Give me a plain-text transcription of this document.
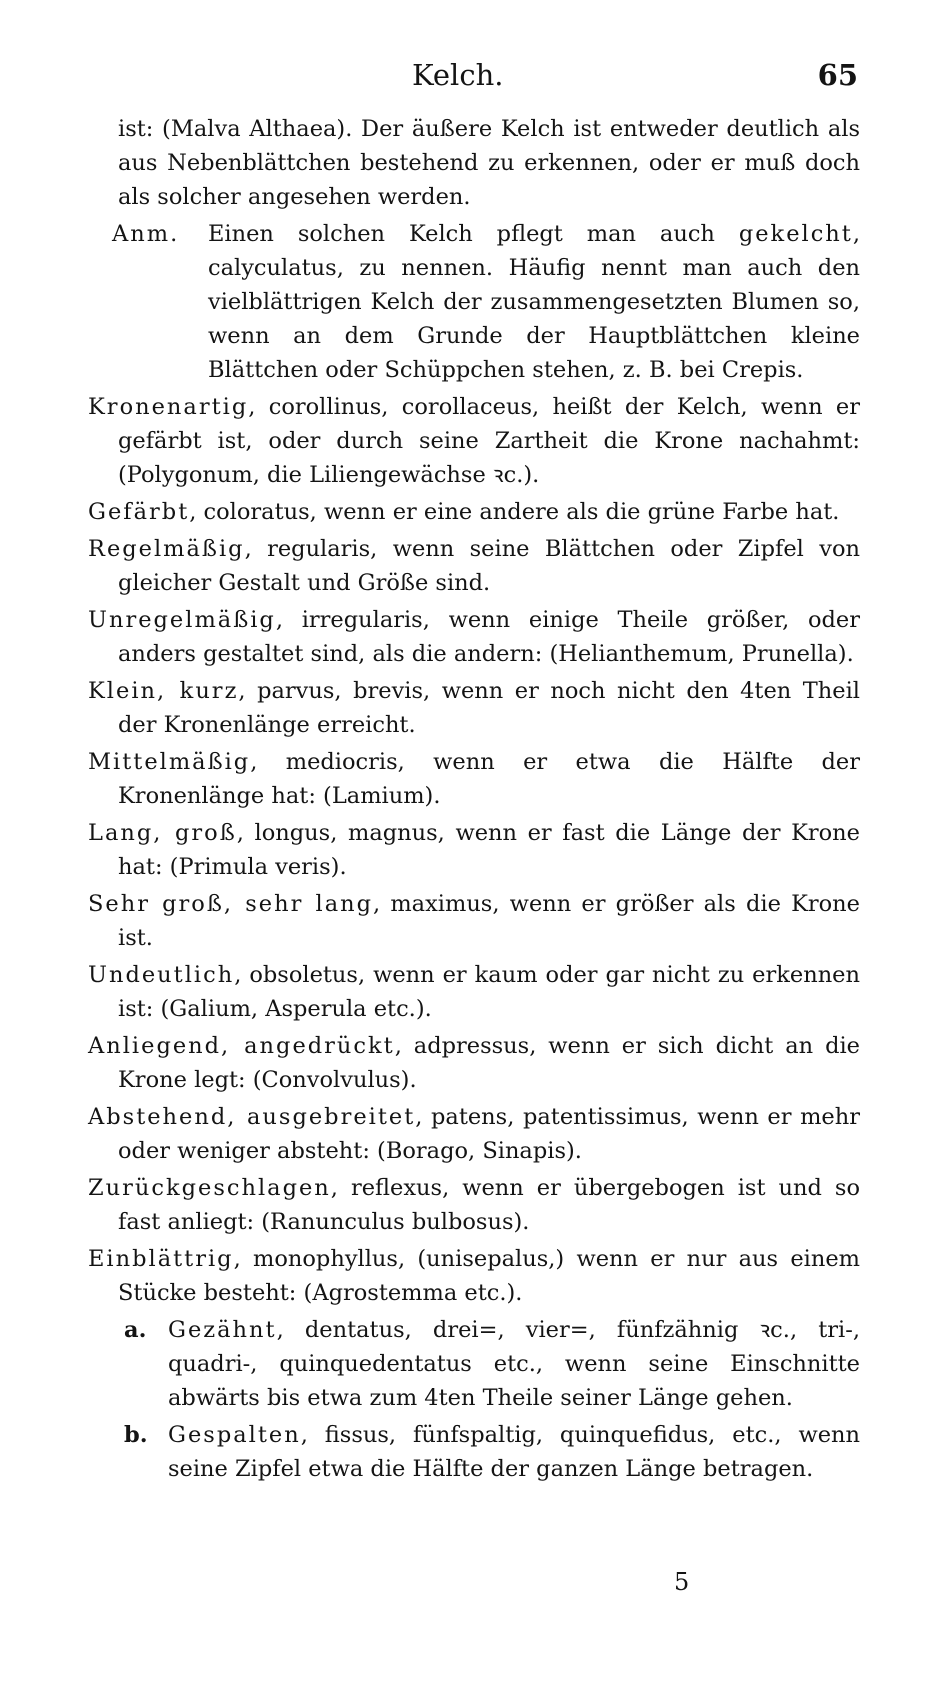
Kelch.	65

ist: (Malva Althaea). Der äußere Kelch ist entweder deutlich als aus Nebenblättchen bestehend zu erkennen, oder er muß doch als solcher angesehen werden.

Anm.	Einen solchen Kelch pflegt man auch gekelcht, calyculatus, zu nennen. Häufig nennt man auch den vielblättrigen Kelch der zusammengesetzten Blumen so, wenn an dem Grunde der Hauptblättchen kleine Blättchen oder Schüppchen stehen, z. B. bei Crepis.

Kronenartig, corollinus, corollaceus, heißt der Kelch, wenn er gefärbt ist, oder durch seine Zartheit die Krone nachahmt: (Polygonum, die Liliengewächse ꝛc.).

Gefärbt, coloratus, wenn er eine andere als die grüne Farbe hat.

Regelmäßig, regularis, wenn seine Blättchen oder Zipfel von gleicher Gestalt und Größe sind.

Unregelmäßig, irregularis, wenn einige Theile größer, oder anders gestaltet sind, als die andern: (Helianthemum, Prunella).

Klein, kurz, parvus, brevis, wenn er noch nicht den 4ten Theil der Kronenlänge erreicht.

Mittelmäßig, mediocris, wenn er etwa die Hälfte der Kronenlänge hat: (Lamium).

Lang, groß, longus, magnus, wenn er fast die Länge der Krone hat: (Primula veris).

Sehr groß, sehr lang, maximus, wenn er größer als die Krone ist.

Undeutlich, obsoletus, wenn er kaum oder gar nicht zu erkennen ist: (Galium, Asperula etc.).

Anliegend, angedrückt, adpressus, wenn er sich dicht an die Krone legt: (Convolvulus).

Abstehend, ausgebreitet, patens, patentissimus, wenn er mehr oder weniger absteht: (Borago, Sinapis).

Zurückgeschlagen, reflexus, wenn er übergebogen ist und so fast anliegt: (Ranunculus bulbosus).

Einblättrig, monophyllus, (unisepalus,) wenn er nur aus einem Stücke besteht: (Agrostemma etc.).

a. Gezähnt, dentatus, drei=, vier=, fünfzähnig ꝛc., tri-, quadri-, quinquedentatus etc., wenn seine Einschnitte abwärts bis etwa zum 4ten Theile seiner Länge gehen.

b. Gespalten, fissus, fünfspaltig, quinquefidus, etc., wenn seine Zipfel etwa die Hälfte der ganzen Länge betragen.

5
